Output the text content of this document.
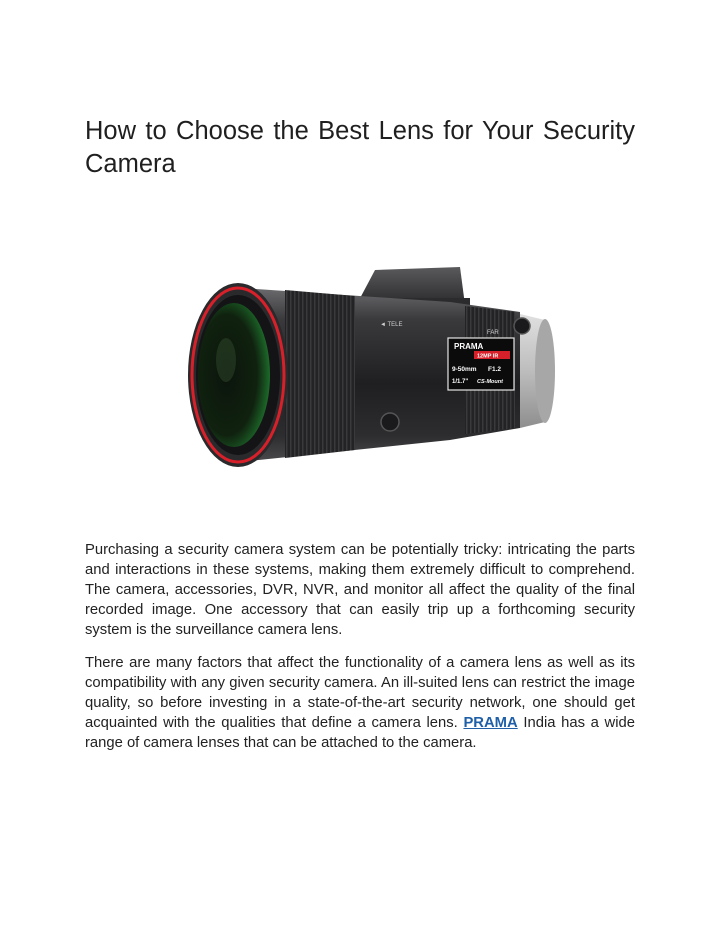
How to Choose the Best Lens for Your Security Camera
◄ TELE
FAR
PRAMA
12MP IR
9-50mm F1.2
1/1.7" CS-Mount

Purchasing a security camera system can be potentially tricky: intricating the parts and interactions in these systems, making them extremely difficult to comprehend. The camera, accessories, DVR, NVR, and monitor all affect the quality of the final recorded image. One accessory that can easily trip up a forthcoming security system is the surveillance camera lens.

There are many factors that affect the functionality of a camera lens as well as its compatibility with any given security camera. An ill-suited lens can restrict the image quality, so before investing in a state-of-the-art security network, one should get acquainted with the qualities that define a camera lens. PRAMA India has a wide range of camera lenses that can be attached to the camera.
